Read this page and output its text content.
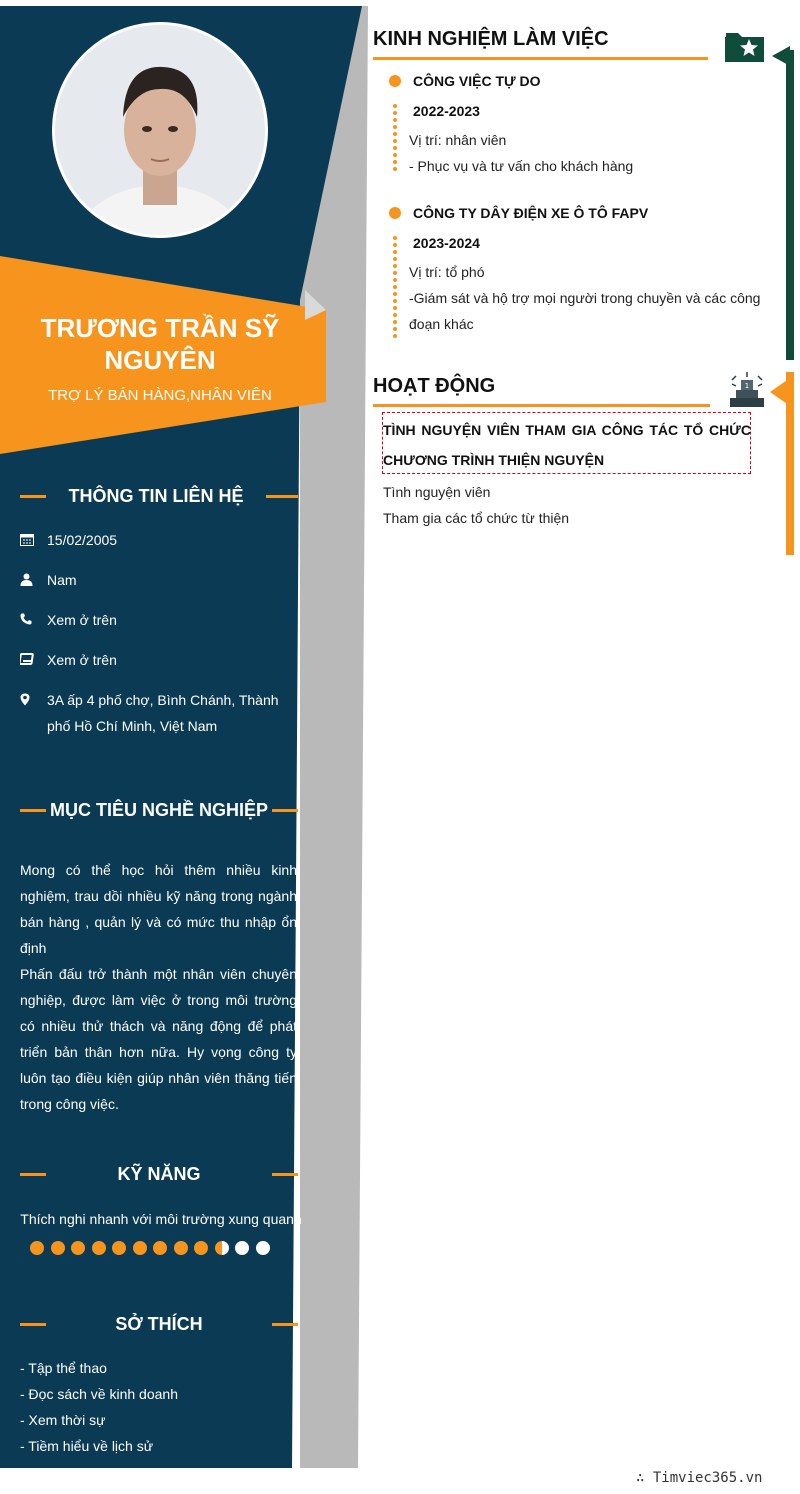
TRƯƠNG TRẦN SỸ
NGUYÊN
TRỢ LÝ BÁN HÀNG,NHÂN VIÊN
THÔNG TIN LIÊN HỆ
15/02/2005
Nam
Xem ở trên
Xem ở trên
3A ấp 4 phố chợ, Bình Chánh, Thành phố Hồ Chí Minh, Việt Nam
MỤC TIÊU NGHỀ NGHIỆP

Mong có thể học hỏi thêm nhiều kinh nghiệm, trau dồi nhiều kỹ năng trong ngành bán hàng , quản lý và có mức thu nhập ổn định

Phấn đấu trở thành một nhân viên chuyên nghiệp, được làm việc ở trong môi trường có nhiều thử thách và năng động để phát triển bản thân hơn nữa. Hy vọng công ty luôn tạo điều kiện giúp nhân viên thăng tiến trong công việc.

KỸ NĂNG
Thích nghi nhanh với môi trường xung quanh
SỞ THÍCH
- Tập thể thao
- Đọc sách về kinh doanh
- Xem thời sự
- Tiềm hiểu về lịch sử
KINH NGHIỆM LÀM VIỆC
CÔNG VIỆC TỰ DO
2022-2023
Vị trí: nhân viên
- Phục vụ và tư vấn cho khách hàng
CÔNG TY DÂY ĐIỆN XE Ô TÔ FAPV
2023-2024
Vị trí: tổ phó
-Giám sát và hộ trợ mọi người trong chuyền và các công đoạn khác
HOẠT ĐỘNG	1
TÌNH NGUYỆN VIÊN THAM GIA CÔNG TÁC TỔ CHỨC CHƯƠNG TRÌNH THIỆN NGUYỆN
Tình nguyện viên
Tham gia các tổ chức từ thiện
∴ Timviec365.vn
